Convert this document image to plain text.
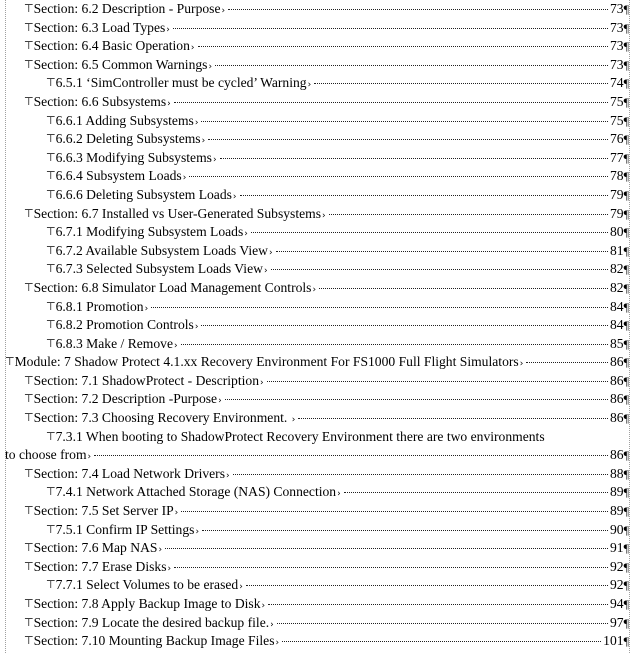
⊤Section: 6.2 Description - Purpose›	73¶
⊤Section: 6.3 Load Types›	73¶
⊤Section: 6.4 Basic Operation›	73¶
⊤Section: 6.5 Common Warnings›	73¶
⊤6.5.1 ‘SimController must be cycled’ Warning›	74¶
⊤Section: 6.6 Subsystems›	75¶
⊤6.6.1 Adding Subsystems›	75¶
⊤6.6.2 Deleting Subsystems›	76¶
⊤6.6.3 Modifying Subsystems›	77¶
⊤6.6.4 Subsystem Loads›	78¶
⊤6.6.6 Deleting Subsystem Loads›	79¶
⊤Section: 6.7 Installed vs User-Generated Subsystems›	79¶
⊤6.7.1 Modifying Subsystem Loads›	80¶
⊤6.7.2 Available Subsystem Loads View›	81¶
⊤6.7.3 Selected Subsystem Loads View›	82¶
⊤Section: 6.8 Simulator Load Management Controls›	82¶
⊤6.8.1 Promotion›	84¶
⊤6.8.2 Promotion Controls›	84¶
⊤6.8.3 Make / Remove›	85¶
⊤Module: 7 Shadow Protect 4.1.xx Recovery Environment For FS1000 Full Flight Simulators›	86¶
⊤Section: 7.1 ShadowProtect - Description›	86¶
⊤Section: 7.2 Description -Purpose›	86¶
⊤Section: 7.3 Choosing Recovery Environment. ›	86¶
⊤7.3.1 When booting to ShadowProtect Recovery Environment there are two environments
to choose from›	86¶
⊤Section: 7.4 Load Network Drivers›	88¶
⊤7.4.1 Network Attached Storage (NAS) Connection›	89¶
⊤Section: 7.5 Set Server IP›	89¶
⊤7.5.1 Confirm IP Settings›	90¶
⊤Section: 7.6 Map NAS›	91¶
⊤Section: 7.7 Erase Disks›	92¶
⊤7.7.1 Select Volumes to be erased›	92¶
⊤Section: 7.8 Apply Backup Image to Disk›	94¶
⊤Section: 7.9 Locate the desired backup file.›	97¶
⊤Section: 7.10 Mounting Backup Image Files›	101¶
